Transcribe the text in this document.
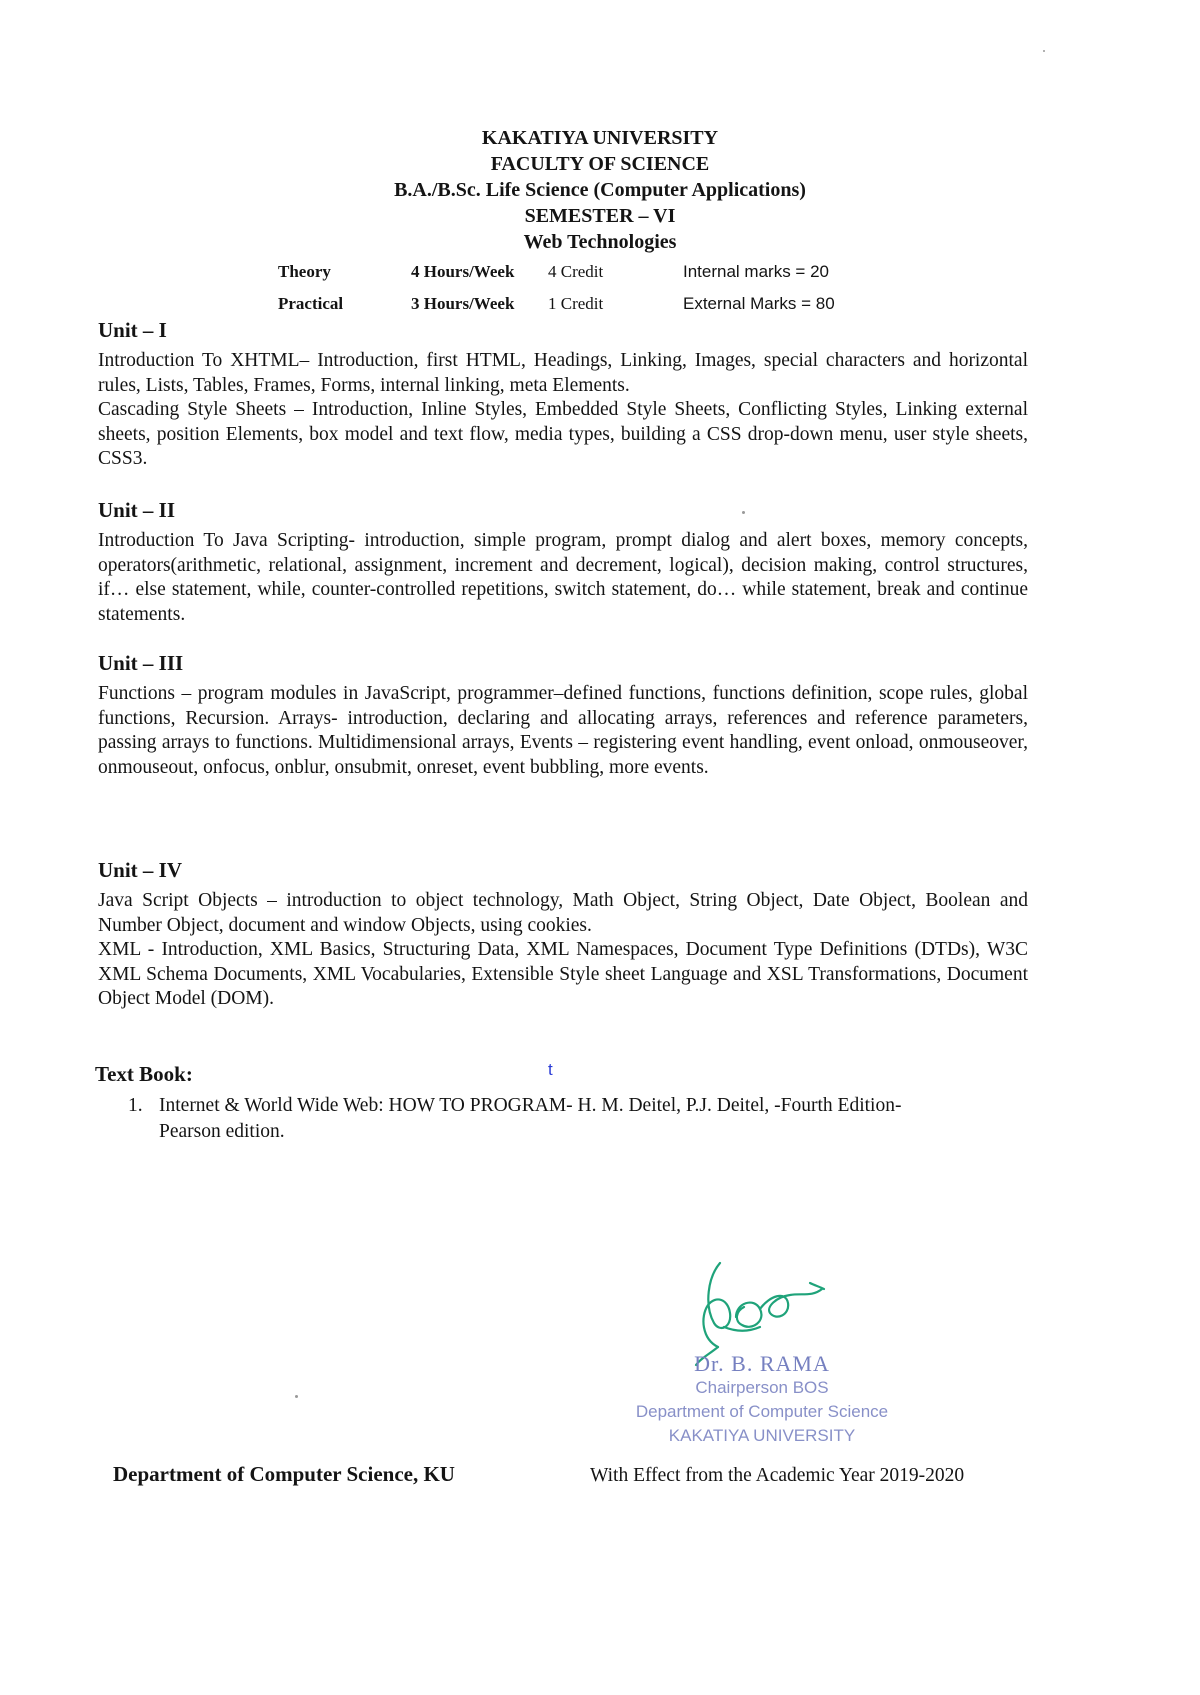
KAKATIYA UNIVERSITY
FACULTY OF SCIENCE
B.A./B.Sc. Life Science (Computer Applications)
SEMESTER – VI
Web Technologies
Theory	4 Hours/Week 4 Credit	Internal marks = 20
Practical	3 Hours/Week 1 Credit	External Marks = 80
Unit – I

Introduction To XHTML– Introduction, first HTML, Headings, Linking, Images, special characters and horizontal rules, Lists, Tables, Frames, Forms, internal linking, meta Elements.

Cascading Style Sheets – Introduction, Inline Styles, Embedded Style Sheets, Conflicting Styles, Linking external sheets, position Elements, box model and text flow, media types, building a CSS drop-down menu, user style sheets, CSS3.

Unit – II

Introduction To Java Scripting- introduction, simple program, prompt dialog and alert boxes, memory concepts, operators(arithmetic, relational, assignment, increment and decrement, logical), decision making, control structures, if… else statement, while, counter-controlled repetitions, switch statement, do… while statement, break and continue statements.

Unit – III

Functions – program modules in JavaScript, programmer–defined functions, functions definition, scope rules, global functions, Recursion. Arrays- introduction, declaring and allocating arrays, references and reference parameters, passing arrays to functions. Multidimensional arrays, Events – registering event handling, event onload, onmouseover, onmouseout, onfocus, onblur, onsubmit, onreset, event bubbling, more events.

Unit – IV

Java Script Objects – introduction to object technology, Math Object, String Object, Date Object, Boolean and Number Object, document and window Objects, using cookies.

XML - Introduction, XML Basics, Structuring Data, XML Namespaces, Document Type Definitions (DTDs), W3C XML Schema Documents, XML Vocabularies, Extensible Style sheet Language and XSL Transformations, Document Object Model (DOM).

Text Book:
1. Internet & World Wide Web: HOW TO PROGRAM- H. M. Deitel, P.J. Deitel, -Fourth Edition- Pearson edition.
t
Dr. B. RAMA
Chairperson BOS
Department of Computer Science
KAKATIYA UNIVERSITY
Department of Computer Science, KU	With Effect from the Academic Year 2019-2020
